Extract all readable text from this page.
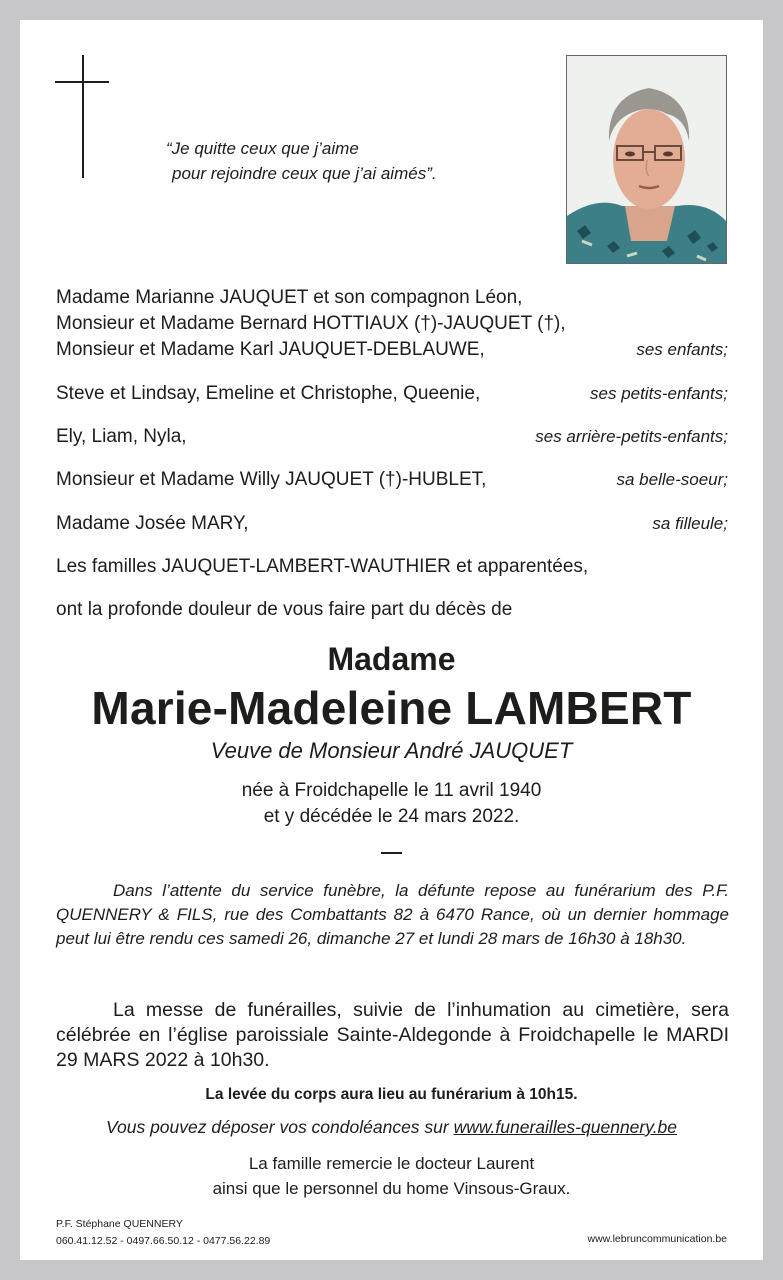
“Je quitte ceux que j’aime
pour rejoindre ceux que j’ai aimés”.
Madame Marianne JAUQUET et son compagnon Léon,
Monsieur et Madame Bernard HOTTIAUX (†)-JAUQUET (†),
Monsieur et Madame Karl JAUQUET-DEBLAUWE,	ses enfants;
Steve et Lindsay, Emeline et Christophe, Queenie,	ses petits-enfants;
Ely, Liam, Nyla,	ses arrière-petits-enfants;
Monsieur et Madame Willy JAUQUET (†)-HUBLET,	sa belle-soeur;
Madame Josée MARY,	sa filleule;
Les familles JAUQUET-LAMBERT-WAUTHIER et apparentées,
ont la profonde douleur de vous faire part du décès de
Madame
Marie-Madeleine LAMBERT
Veuve de Monsieur André JAUQUET
née à Froidchapelle le 11 avril 1940
et y décédée le 24 mars 2022.
Dans l’attente du service funèbre, la défunte repose au funérarium des P.F. QUENNERY & FILS, rue des Combattants 82 à 6470 Rance, où un dernier hommage peut lui être rendu ces samedi 26, dimanche 27 et lundi 28 mars de 16h30 à 18h30.
La messe de funérailles, suivie de l’inhumation au cimetière, sera célébrée en l’église paroissiale Sainte-Aldegonde à Froidchapelle le MARDI 29 MARS 2022 à 10h30.
La levée du corps aura lieu au funérarium à 10h15.
Vous pouvez déposer vos condoléances sur www.funerailles-quennery.be
La famille remercie le docteur Laurent
ainsi que le personnel du home Vinsous-Graux.
P.F. Stéphane QUENNERY
060.41.12.52 - 0497.66.50.12 - 0477.56.22.89	www.lebruncommunication.be
